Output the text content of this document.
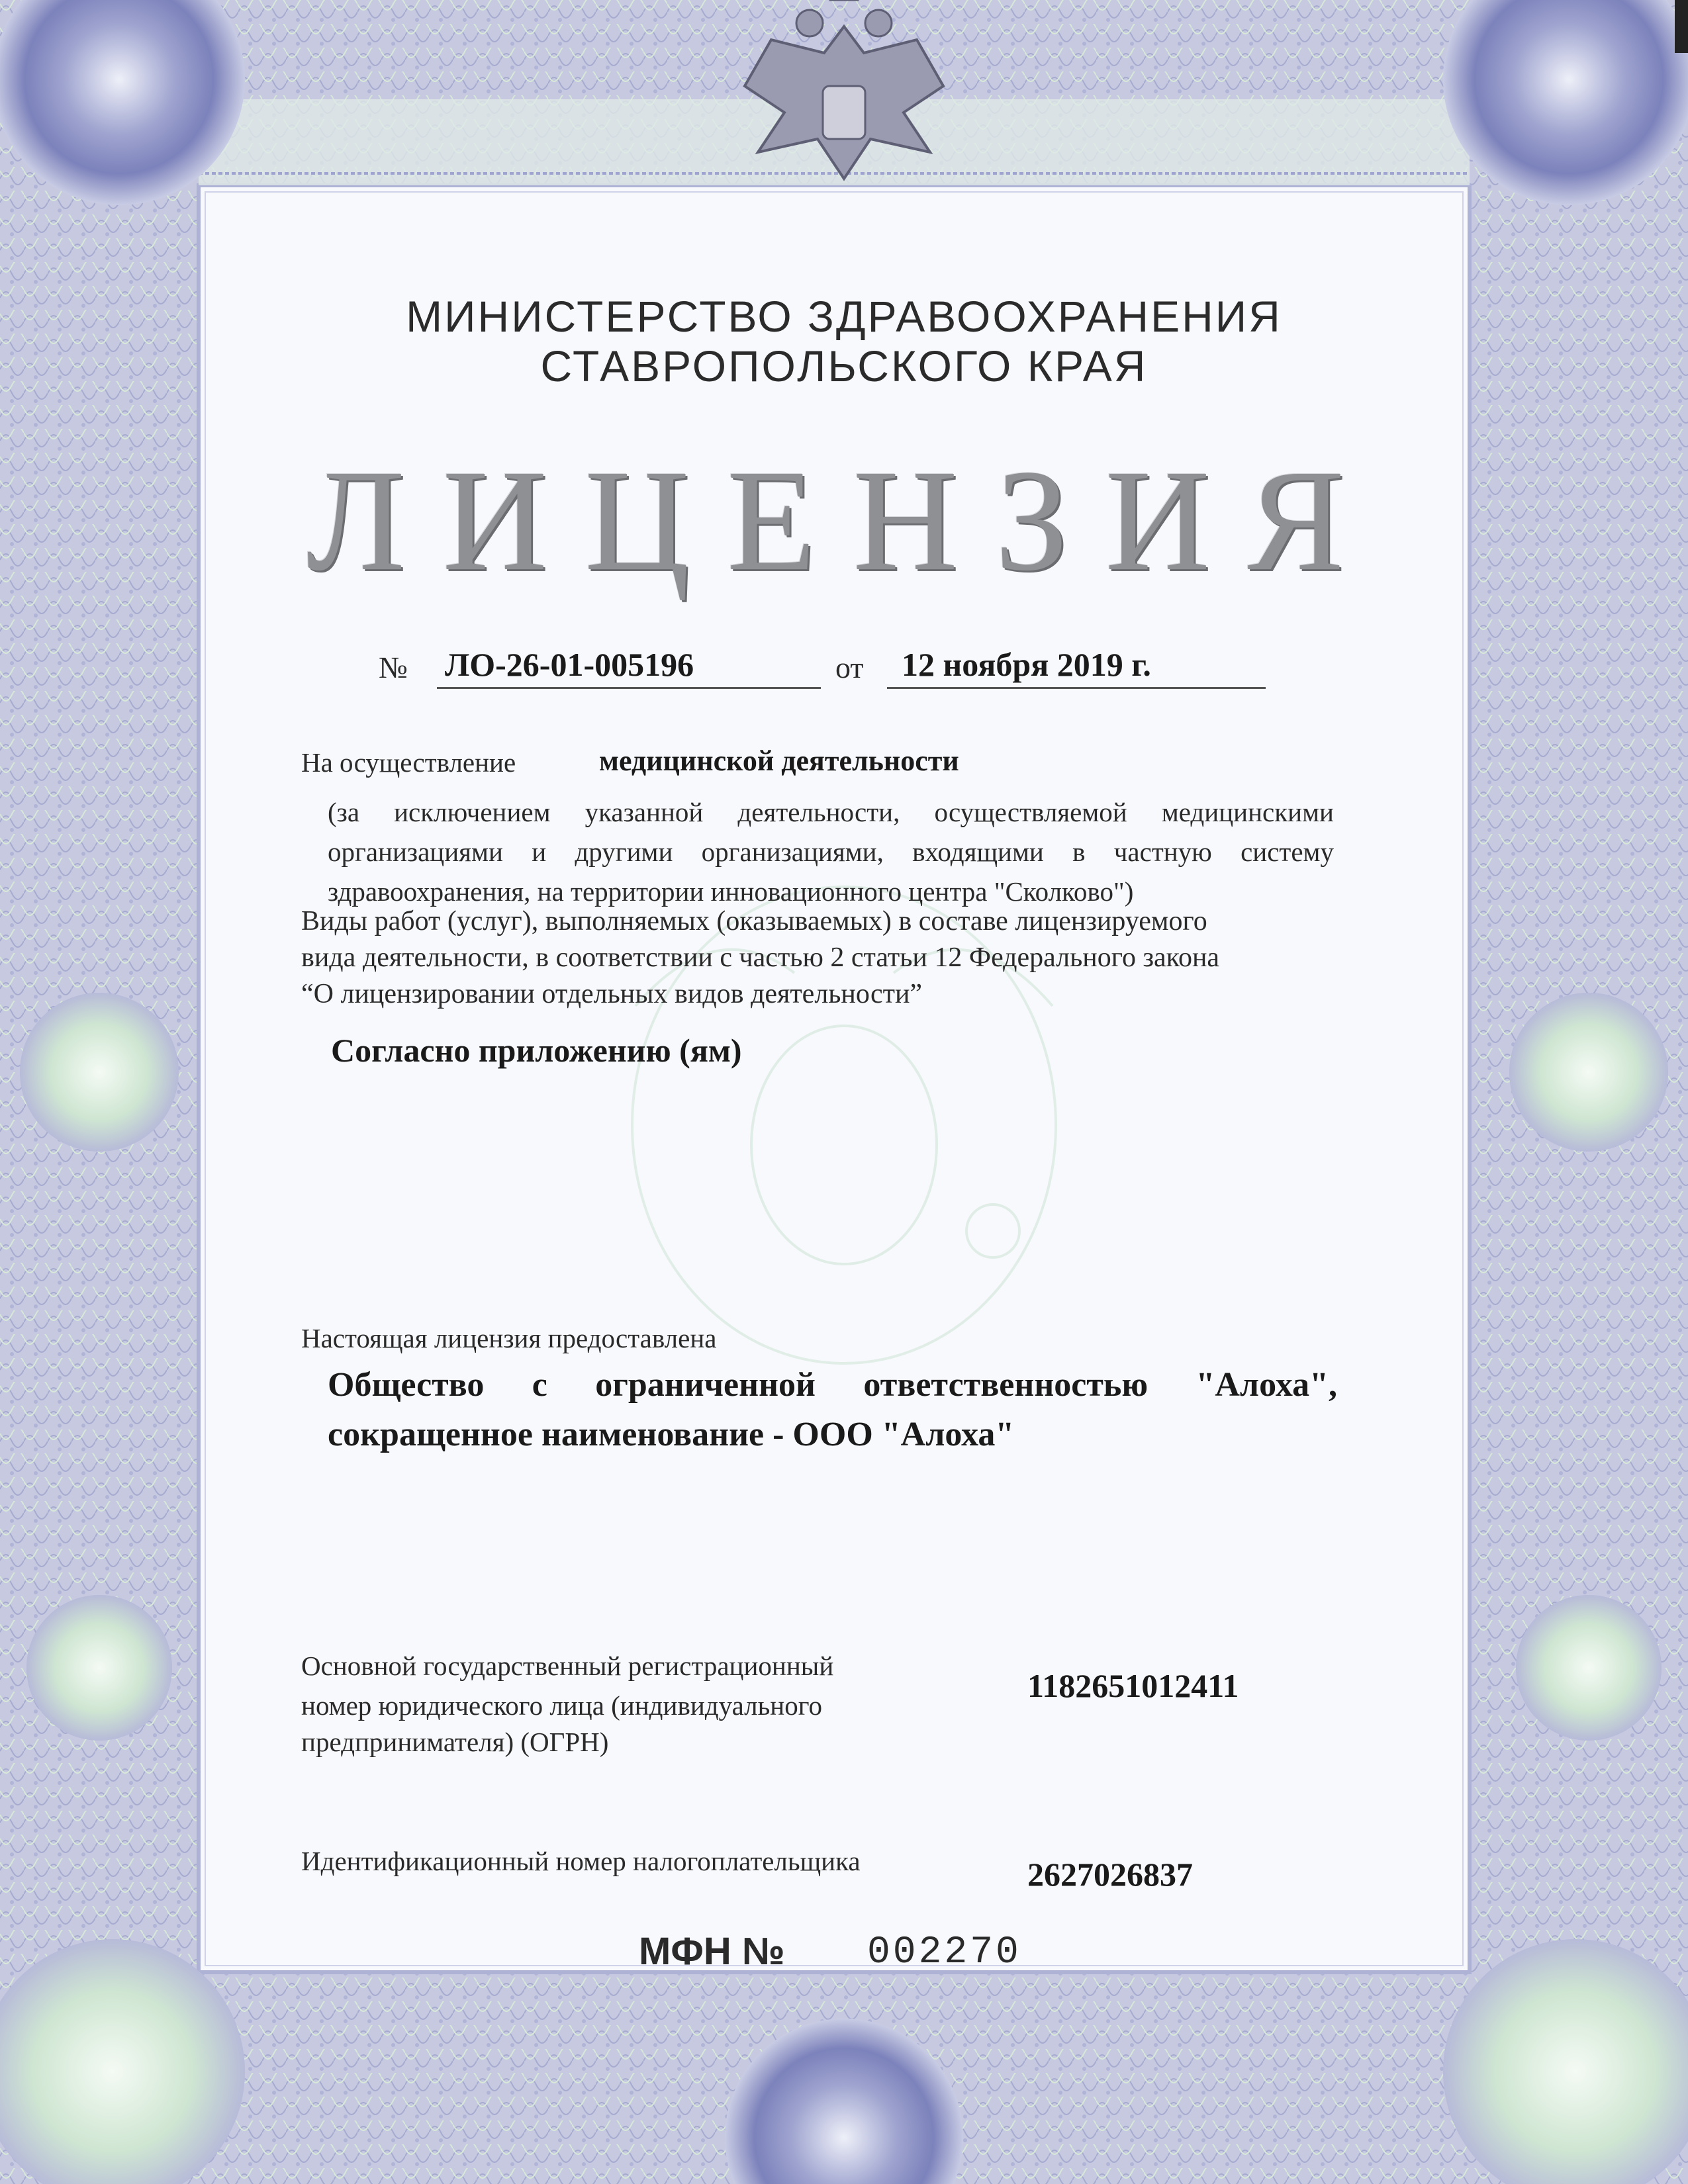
МИНИСТЕРСТВО ЗДРАВООХРАНЕНИЯ
СТАВРОПОЛЬСКОГО КРАЯ
ЛИЦЕНЗИЯ
№ ЛО-26-01-005196	от 12 ноября 2019 г.
На осуществление	медицинской деятельности
(за исключением указанной деятельности, осуществляемой медицинскими
организациями и другими организациями, входящими в частную систему
здравоохранения, на территории инновационного центра "Сколково")
Виды работ (услуг), выполняемых (оказываемых) в составе лицензируемого
вида деятельности, в соответствии с частью 2 статьи 12 Федерального закона
“О лицензировании отдельных видов деятельности”
Согласно приложению (ям)
Настоящая лицензия предоставлена
Общество с ограниченной ответственностью "Алоха",
сокращенное наименование - ООО "Алоха"
Основной государственный регистрационный
номер юридического лица (индивидуального
предпринимателя) (ОГРН)
1182651012411
Идентификационный номер налогоплательщика	2627026837
МФН № 002270
